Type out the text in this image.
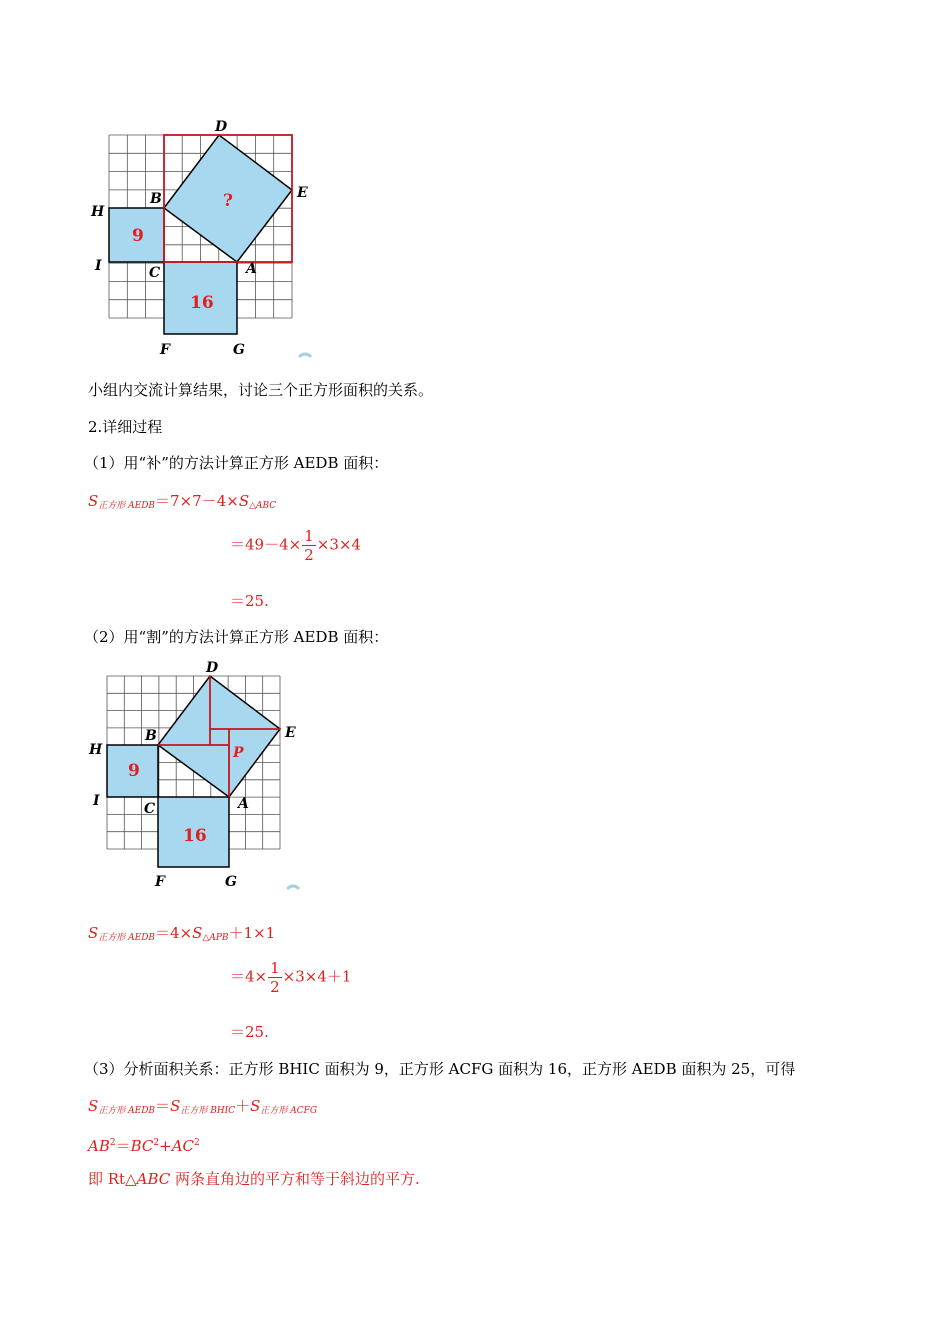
D
E
B
H
I	C	A
F	G
9
16
?
小组内交流计算结果，讨论三个正方形面积的关系。
2.详细过程
（1）用“补”的方法计算正方形 AEDB 面积：
$S_{正方形 AEDB}=7\times 7-4\times S_{\triangle ABC}$
$=49-4\times \frac{1}{2} \times 3\times 4$
＝25.
（2）用“割”的方法计算正方形 AEDB 面积：
D
E
B
H
I	C	A
F	G
P
9
16
$S_{正方形 AEDB}=4\times S_{\triangle APB}+1\times 1$
$=4\times \frac{1}{2} \times 3\times 4+1$
＝25.
（3）分析面积关系：正方形 BHIC 面积为 9，正方形 ACFG 面积为 16，正方形 AEDB 面积为 25，可得
$S_{正方形 AEDB}=S_{正方形 BHIC}+S_{正方形 ACFG}$
$AB^2=BC^2+AC^2$
即 Rt△ABC 两条直角边的平方和等于斜边的平方.
